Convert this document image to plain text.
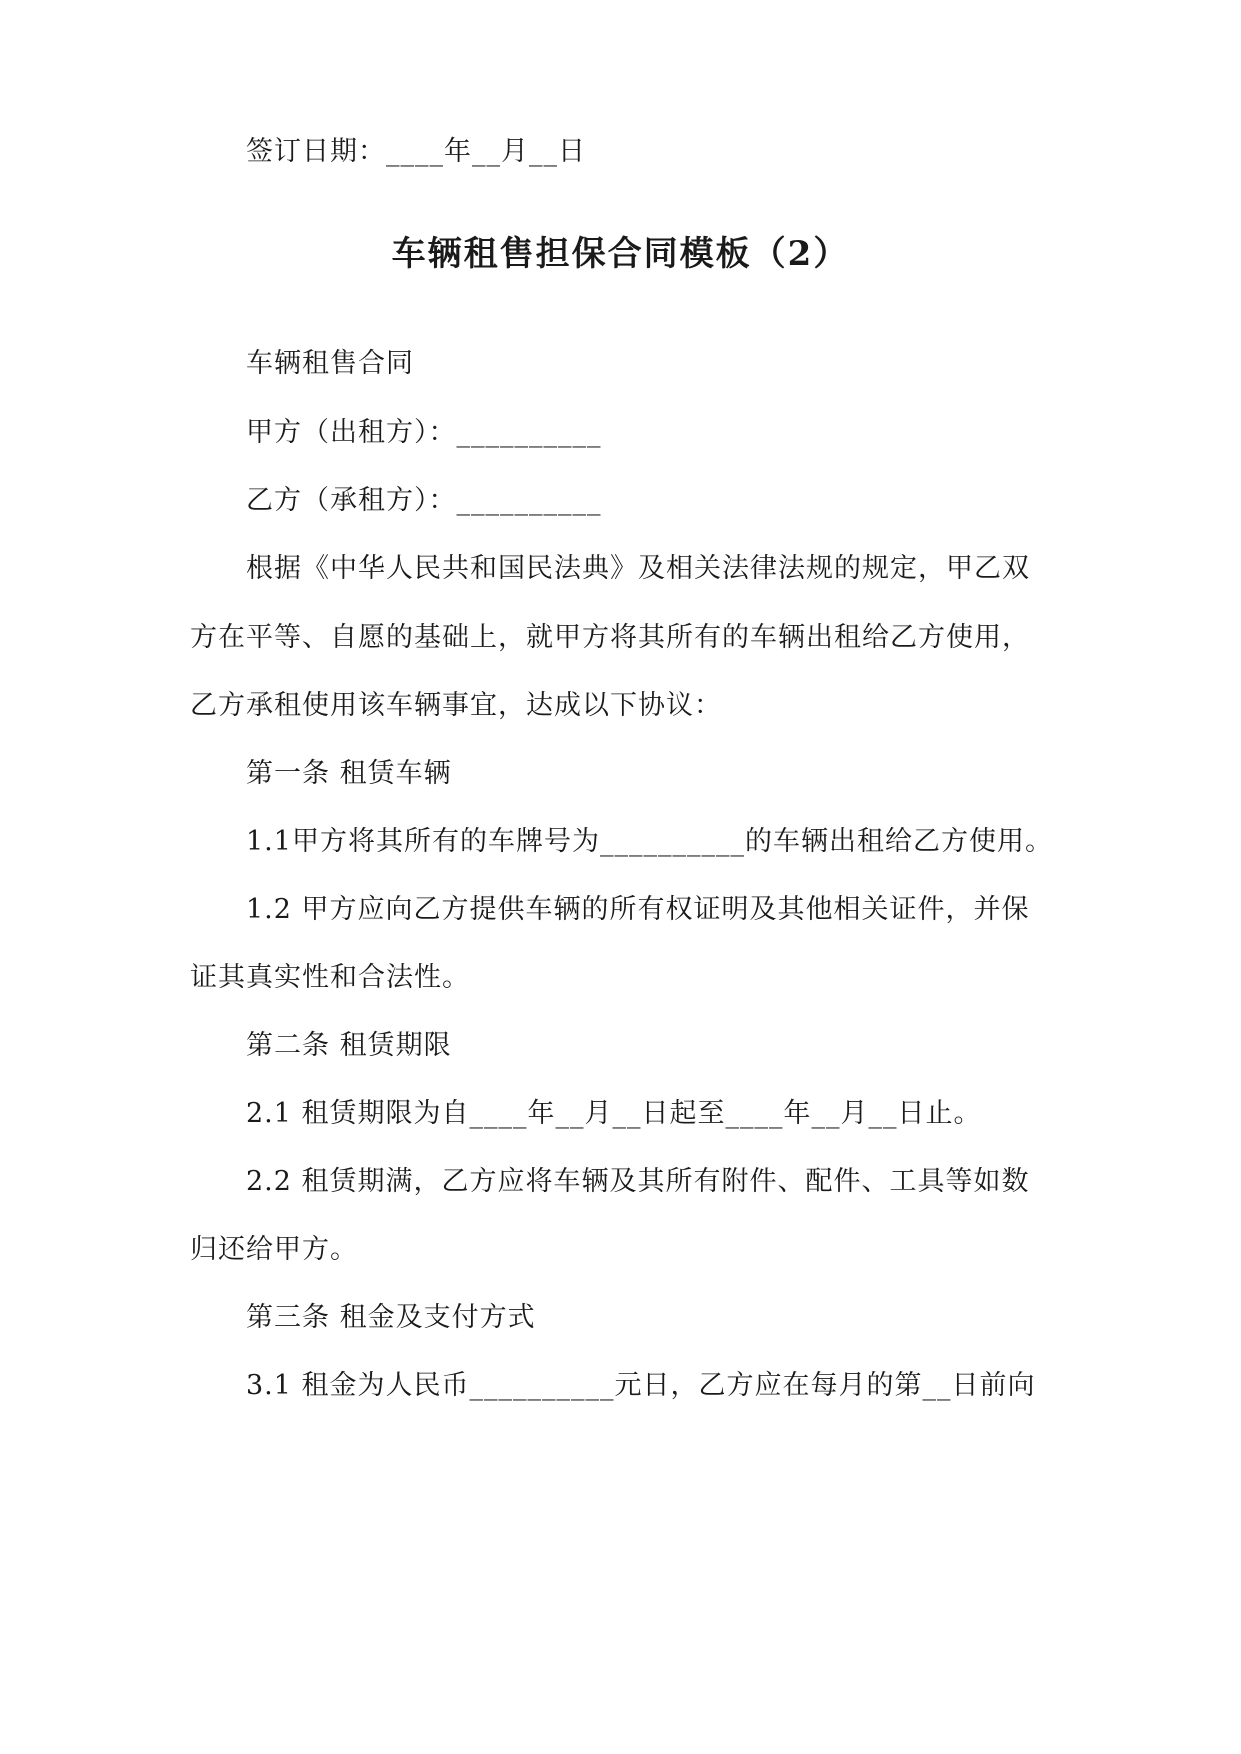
签订日期：____年__月__日
车辆租售担保合同模板（2）
车辆租售合同
甲方（出租方）：__________
乙方（承租方）：__________
根据《中华人民共和国民法典》及相关法律法规的规定，甲乙双
方在平等、自愿的基础上，就甲方将其所有的车辆出租给乙方使用，
乙方承租使用该车辆事宜，达成以下协议：
第一条 租赁车辆
1.1甲方将其所有的车牌号为__________的车辆出租给乙方使用。
1.2 甲方应向乙方提供车辆的所有权证明及其他相关证件，并保
证其真实性和合法性。
第二条 租赁期限
2.1 租赁期限为自____年__月__日起至____年__月__日止。
2.2 租赁期满，乙方应将车辆及其所有附件、配件、工具等如数
归还给甲方。
第三条 租金及支付方式
3.1 租金为人民币__________元日，乙方应在每月的第__日前向
